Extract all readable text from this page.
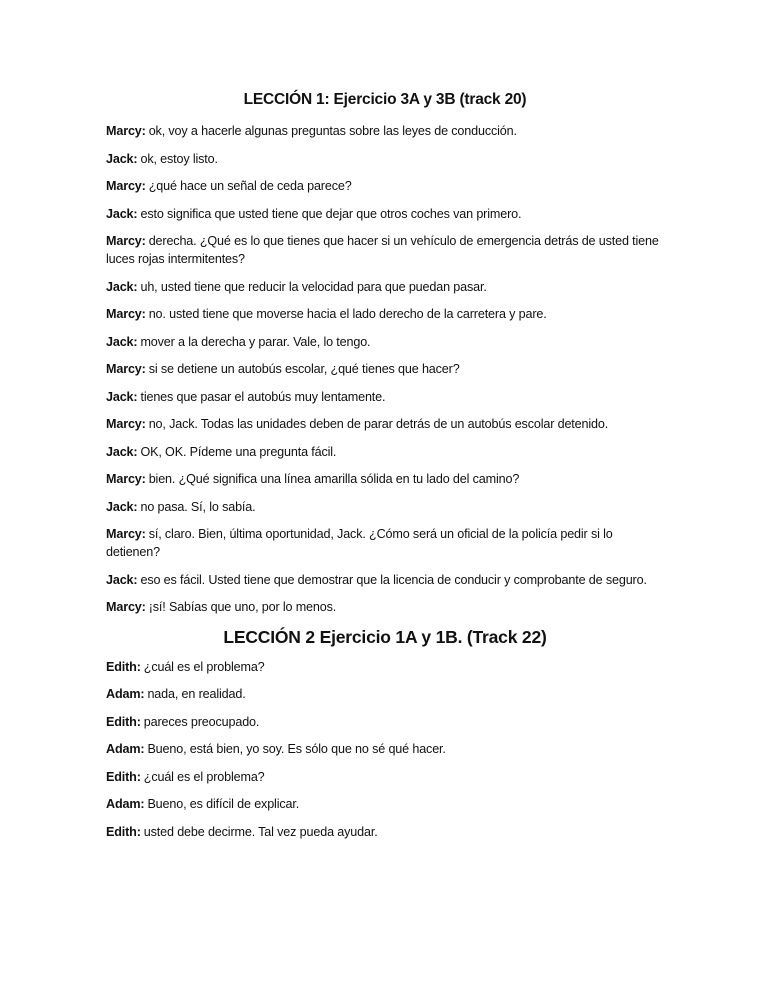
LECCIÓN 1: Ejercicio 3A y 3B (track 20)

Marcy: ok, voy a hacerle algunas preguntas sobre las leyes de conducción.

Jack: ok, estoy listo.

Marcy: ¿qué hace un señal de ceda parece?

Jack: esto significa que usted tiene que dejar que otros coches van primero.

Marcy: derecha. ¿Qué es lo que tienes que hacer si un vehículo de emergencia detrás de usted tiene luces rojas intermitentes?

Jack: uh, usted tiene que reducir la velocidad para que puedan pasar.

Marcy: no. usted tiene que moverse hacia el lado derecho de la carretera y pare.

Jack: mover a la derecha y parar. Vale, lo tengo.

Marcy: si se detiene un autobús escolar, ¿qué tienes que hacer?

Jack: tienes que pasar el autobús muy lentamente.

Marcy: no, Jack. Todas las unidades deben de parar detrás de un autobús escolar detenido.

Jack: OK, OK. Pídeme una pregunta fácil.

Marcy: bien. ¿Qué significa una línea amarilla sólida en tu lado del camino?

Jack: no pasa. Sí, lo sabía.

Marcy: sí, claro. Bien, última oportunidad, Jack. ¿Cómo será un oficial de la policía pedir si lo detienen?

Jack: eso es fácil. Usted tiene que demostrar que la licencia de conducir y comprobante de seguro.

Marcy: ¡sí! Sabías que uno, por lo menos.

LECCIÓN 2 Ejercicio 1A y 1B. (Track 22)

Edith: ¿cuál es el problema?

Adam: nada, en realidad.

Edith: pareces preocupado.

Adam: Bueno, está bien, yo soy. Es sólo que no sé qué hacer.

Edith: ¿cuál es el problema?

Adam: Bueno, es difícil de explicar.

Edith: usted debe decirme. Tal vez pueda ayudar.
